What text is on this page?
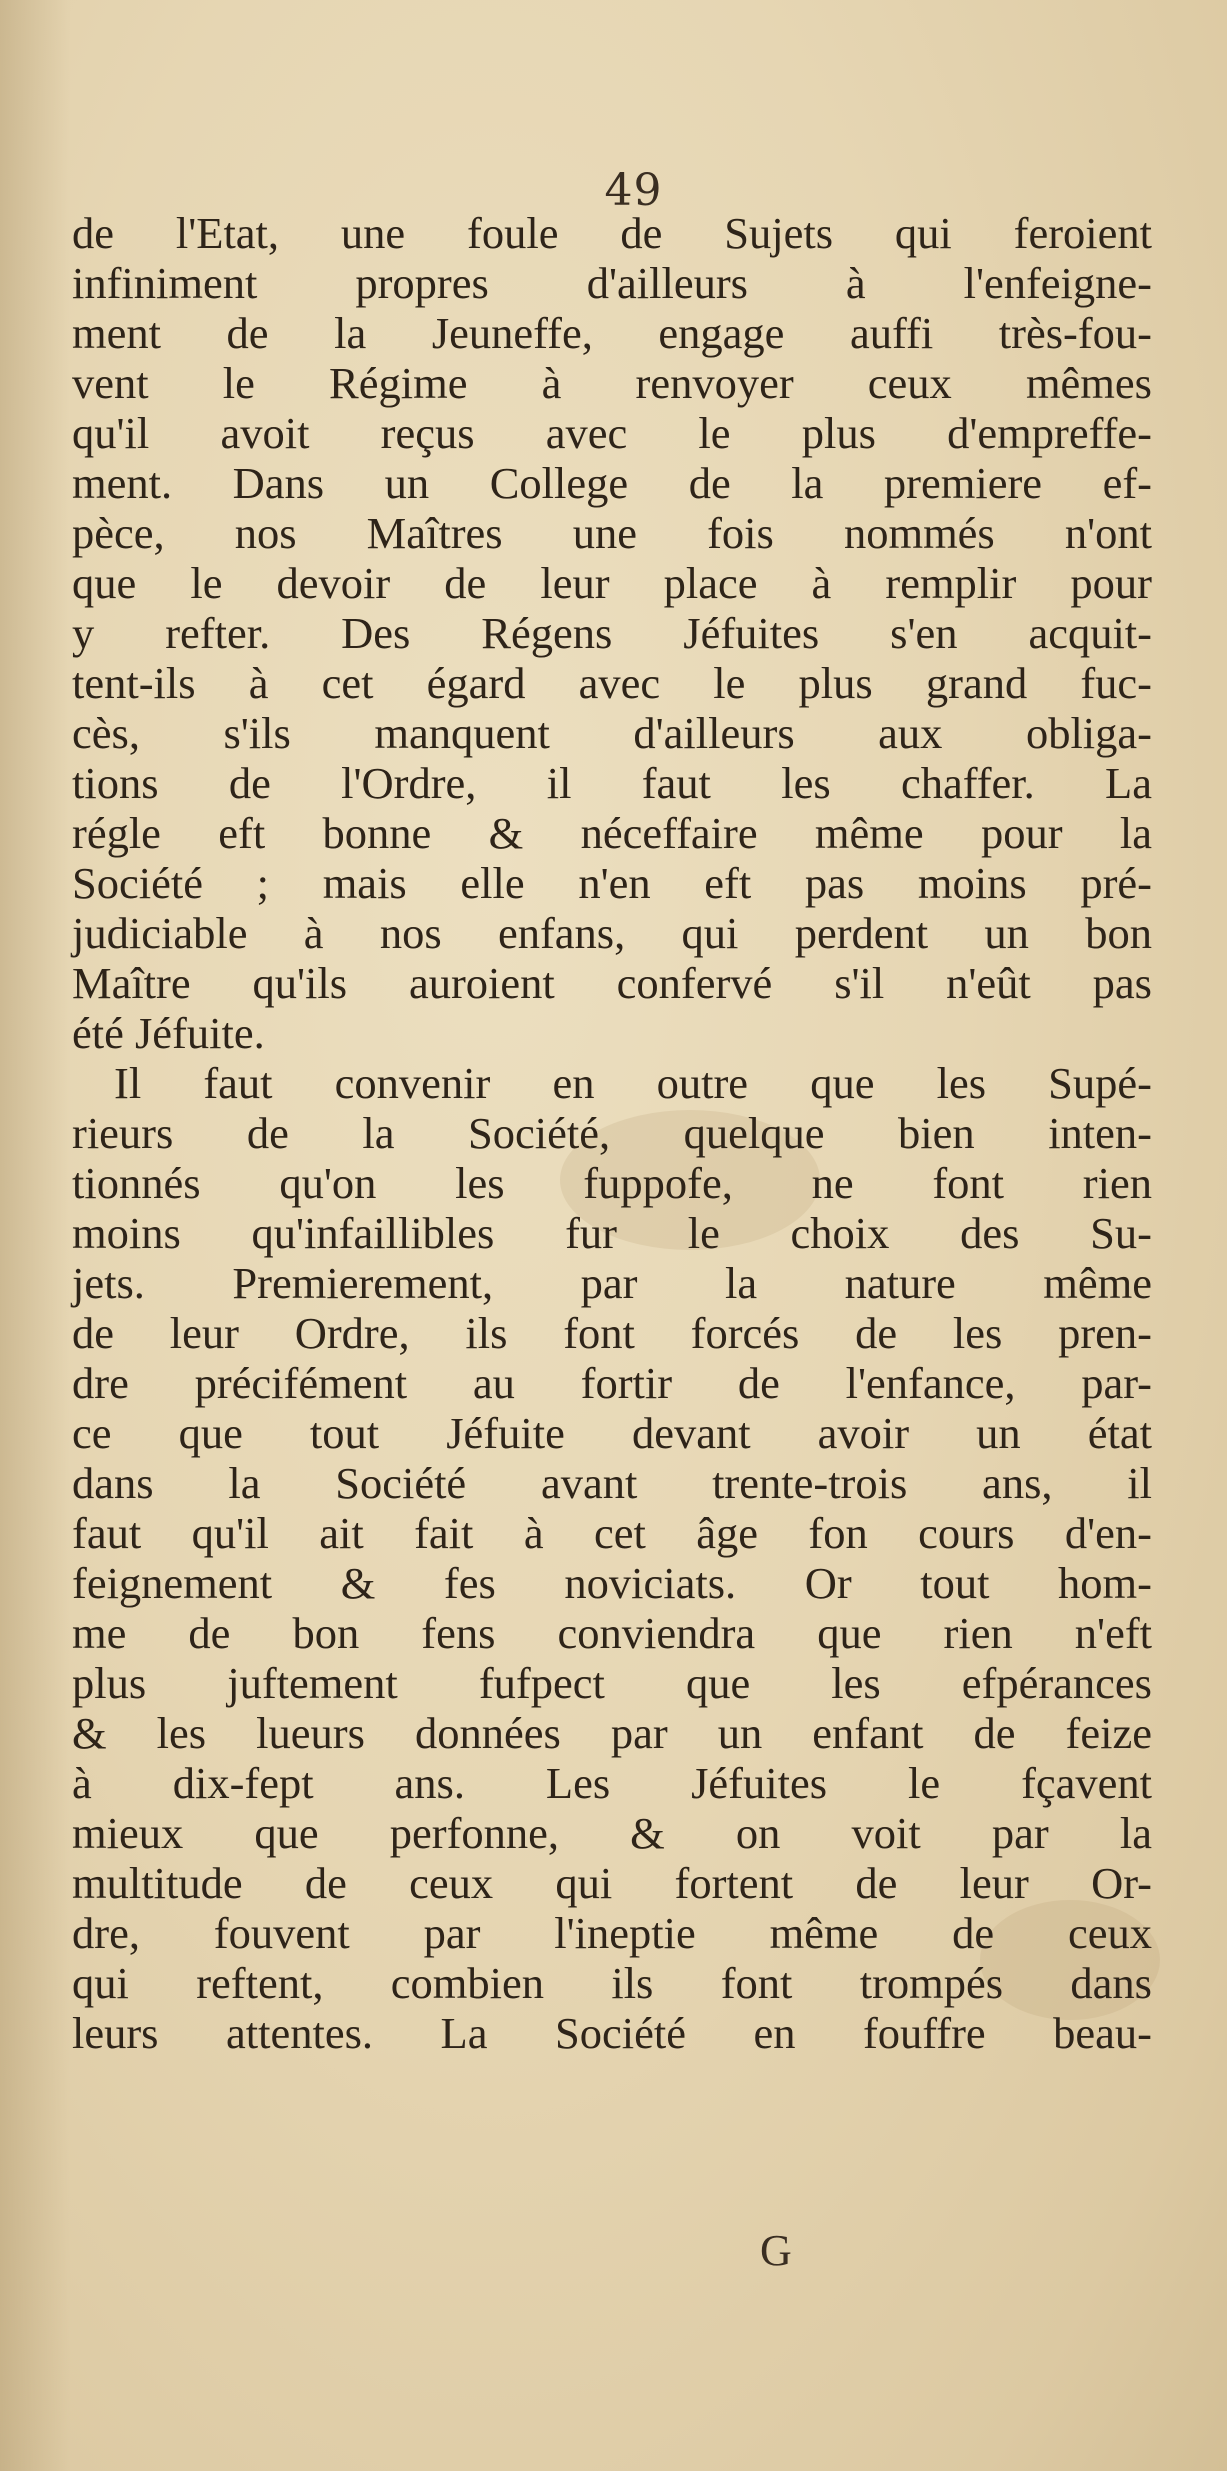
49
de l'Etat, une foule de Sujets qui feroient
infiniment propres d'ailleurs à l'enfeigne-
ment de la Jeuneffe, engage auffi très-fou-
vent le Régime à renvoyer ceux mêmes
qu'il avoit reçus avec le plus d'empreffe-
ment. Dans un College de la premiere ef-
pèce, nos Maîtres une fois nommés n'ont
que le devoir de leur place à remplir pour
y refter. Des Régens Jéfuites s'en acquit-
tent-ils à cet égard avec le plus grand fuc-
cès, s'ils manquent d'ailleurs aux obliga-
tions de l'Ordre, il faut les chaffer. La
régle eft bonne & néceffaire même pour la
Société ; mais elle n'en eft pas moins pré-
judiciable à nos enfans, qui perdent un bon
Maître qu'ils auroient confervé s'il n'eût pas
été Jéfuite.
Il faut convenir en outre que les Supé-
rieurs de la Société, quelque bien inten-
tionnés qu'on les fuppofe, ne font rien
moins qu'infaillibles fur le choix des Su-
jets. Premierement, par la nature même
de leur Ordre, ils font forcés de les pren-
dre précifément au fortir de l'enfance, par-
ce que tout Jéfuite devant avoir un état
dans la Société avant trente-trois ans, il
faut qu'il ait fait à cet âge fon cours d'en-
feignement & fes noviciats. Or tout hom-
me de bon fens conviendra que rien n'eft
plus juftement fufpect que les efpérances
& les lueurs données par un enfant de feize
à dix-fept ans. Les Jéfuites le fçavent
mieux que perfonne, & on voit par la
multitude de ceux qui fortent de leur Or-
dre, fouvent par l'ineptie même de ceux
qui reftent, combien ils font trompés dans
leurs attentes. La Société en fouffre beau-
G
